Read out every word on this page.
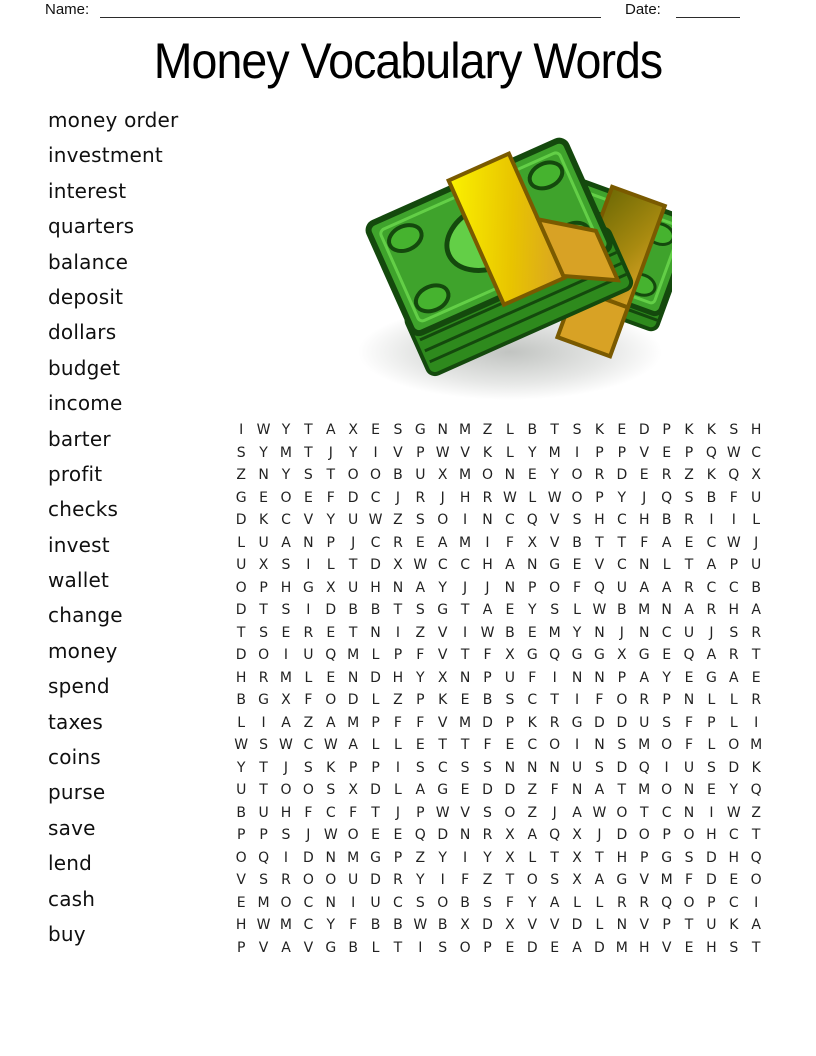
Name:	Date:
Money Vocabulary Words
money order
investment
interest
quarters
balance
deposit
dollars
budget
income
barter
profit
checks
invest
wallet
change
money
spend
taxes
coins
purse
save
lend
cash
buy
I W Y T A X E S G N M Z L B T S K E D P K K S H
S Y M T	J	Y	I	V P W V K L	Y M	I	P P V E P Q W C
Z N Y S T O O B U X M O N E Y O R D E R Z K Q X
G E O E F D C	J	R	J	H R W L W O P Y	J	Q S B F U
D K C V Y U W Z S O	I	N C Q V S H C H B R	I	I	L
L U A N P	J	C R E A M	I	F X V B T T	F A E C W J
U X S	I	L	T D X W C C H A N G E V C N L	T A P U
O P H G X U H N A Y	J	J	N P O F Q U A A R C C B
D T S	I	D B B T S G T A E Y S	L W B M N A R H A
T S E R E T N	I	Z V	I W B E M Y N	J	N C U	J	S R
D O	I	U Q M L	P	F V T	F X G Q G G X G E Q A R T
H R M L	E N D H Y X N P U F	I	N N P A Y E G A E
B G X F O D L Z P K E B S C T	I	F O R P N L	L R
L	I	A Z A M P	F	F V M D P K R G D D U S F	P	L	I
W S W C W A L	L	E T T	F E C O	I	N S M O F	L O M
Y T	J	S K P P	I	S C S S N N N U S D Q	I	U S D K
U T O O S X D L A G E D D Z F N A T M O N E Y Q
B U H F C F	T	J	P W V S O Z	J	A W O T C N	I W Z
P P S	J W O E E Q D N R X A Q X	J	D O P O H C T
O Q	I	D N M G P Z Y	I	Y X L	T X T H P G S D H Q
V S R O O U D R Y	I	F Z T O S X A G V M F D E O
E M O C N	I	U C S O B S F	Y A L	L R R Q O P C	I
H W M C Y	F B B W B X D X V V D L N V P T U K A
P V A V G B L	T	I	S O P E D E A D M H V E H S T
